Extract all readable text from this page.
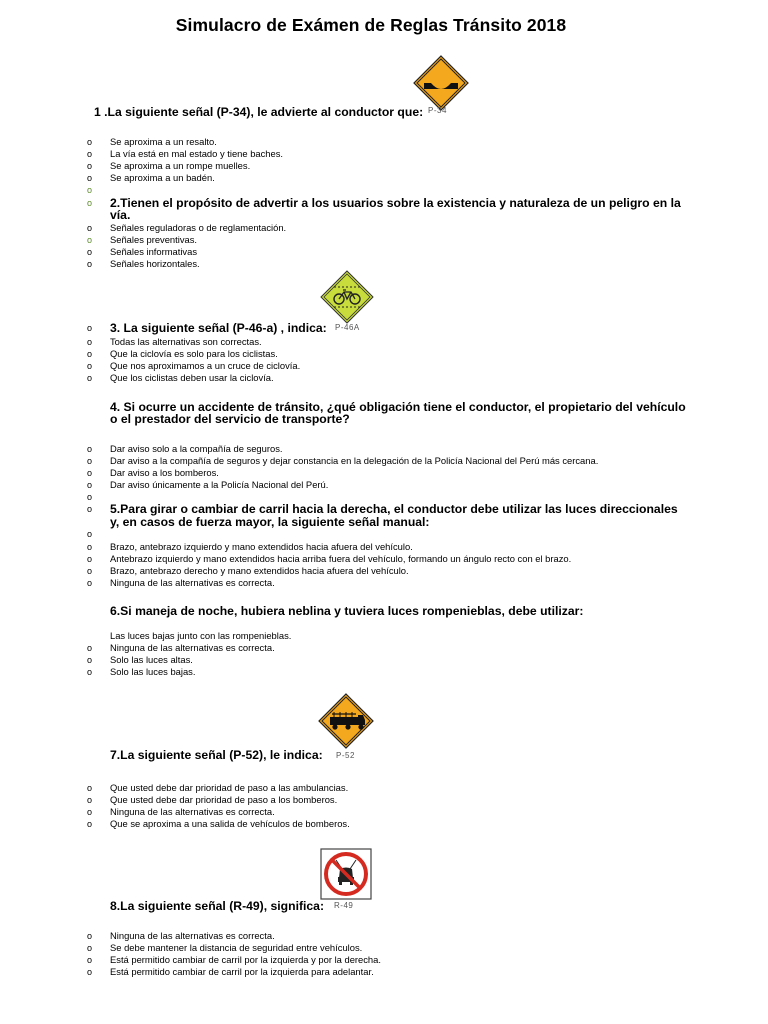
Simulacro de Exámen de Reglas Tránsito 2018
P-34
1 .La siguiente señal (P-34), le advierte al conductor que:
o Se aproxima a un resalto.
o La vía está en mal estado y tiene baches.
o Se aproxima a un rompe muelles.
o Se aproxima a un badén.
o
o 2.Tienen el propósito de advertir a los usuarios sobre la existencia y naturaleza de un peligro en la
vía.
o Señales reguladoras o de reglamentación.
o Señales preventivas.
o Señales informativas
o Señales horizontales.
P-46A
o 3. La siguiente señal (P-46-a) , indica:
o Todas las alternativas son correctas.
o Que la ciclovía es solo para los ciclistas.
o Que nos aproximamos a un cruce de ciclovía.
o Que los ciclistas deben usar la ciclovía.
4. Si ocurre un accidente de tránsito, ¿qué obligación tiene el conductor, el propietario del vehículo
o el prestador del servicio de transporte?
o Dar aviso solo a la compañía de seguros.
o Dar aviso a la compañía de seguros y dejar constancia en la delegación de la Policía Nacional del Perú más cercana.
o Dar aviso a los bomberos.
o Dar aviso únicamente a la Policía Nacional del Perú.
o
o 5.Para girar o cambiar de carril hacia la derecha, el conductor debe utilizar las luces direccionales
y, en casos de fuerza mayor, la siguiente señal manual:
o
o Brazo, antebrazo izquierdo y mano extendidos hacia afuera del vehículo.
o Antebrazo izquierdo y mano extendidos hacia arriba fuera del vehículo, formando un ángulo recto con el brazo.
o Brazo, antebrazo derecho y mano extendidos hacia afuera del vehículo.
o Ninguna de las alternativas es correcta.
6.Si maneja de noche, hubiera neblina y tuviera luces rompenieblas, debe utilizar:
Las luces bajas junto con las rompenieblas.
o Ninguna de las alternativas es correcta.
o Solo las luces altas.
o Solo las luces bajas.
P-52
7.La siguiente señal (P-52), le indica:
o Que usted debe dar prioridad de paso a las ambulancias.
o Que usted debe dar prioridad de paso a los bomberos.
o Ninguna de las alternativas es correcta.
o Que se aproxima a una salida de vehículos de bomberos.
R-49
8.La siguiente señal (R-49), significa:
o Ninguna de las alternativas es correcta.
o Se debe mantener la distancia de seguridad entre vehículos.
o Está permitido cambiar de carril por la izquierda y por la derecha.
o Está permitido cambiar de carril por la izquierda para adelantar.
